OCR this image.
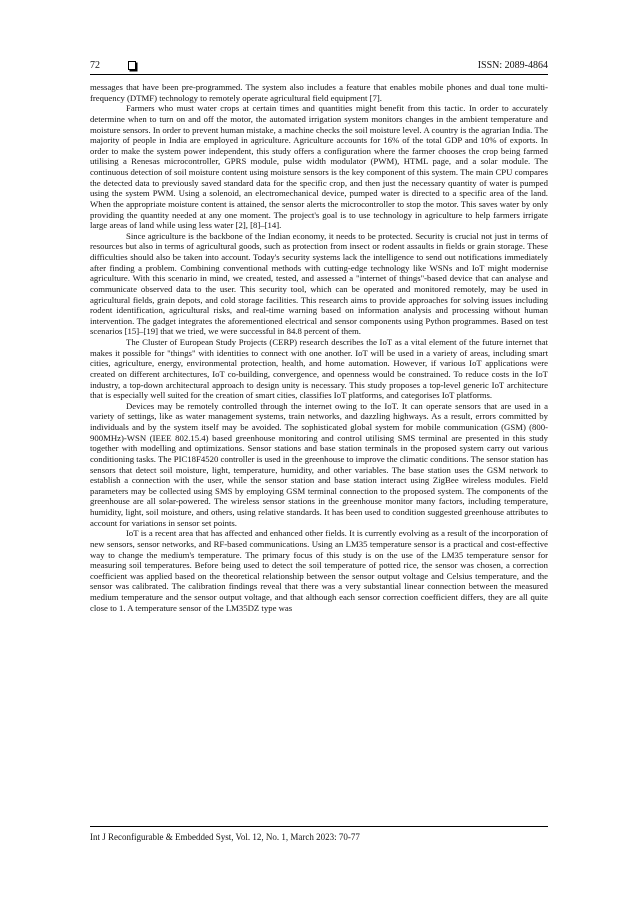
72	ISSN: 2089-4864

messages that have been pre-programmed. The system also includes a feature that enables mobile phones and dual tone multi-frequency (DTMF) technology to remotely operate agricultural field equipment [7].

Farmers who must water crops at certain times and quantities might benefit from this tactic. In order to accurately determine when to turn on and off the motor, the automated irrigation system monitors changes in the ambient temperature and moisture sensors. In order to prevent human mistake, a machine checks the soil moisture level. A country is the agrarian India. The majority of people in India are employed in agriculture. Agriculture accounts for 16% of the total GDP and 10% of exports. In order to make the system power independent, this study offers a configuration where the farmer chooses the crop being farmed utilising a Renesas microcontroller, GPRS module, pulse width modulator (PWM), HTML page, and a solar module. The continuous detection of soil moisture content using moisture sensors is the key component of this system. The main CPU compares the detected data to previously saved standard data for the specific crop, and then just the necessary quantity of water is pumped using the system PWM. Using a solenoid, an electromechanical device, pumped water is directed to a specific area of the land. When the appropriate moisture content is attained, the sensor alerts the microcontroller to stop the motor. This saves water by only providing the quantity needed at any one moment. The project's goal is to use technology in agriculture to help farmers irrigate large areas of land while using less water [2], [8]–[14].

Since agriculture is the backbone of the Indian economy, it needs to be protected. Security is crucial not just in terms of resources but also in terms of agricultural goods, such as protection from insect or rodent assaults in fields or grain storage. These difficulties should also be taken into account. Today's security systems lack the intelligence to send out notifications immediately after finding a problem. Combining conventional methods with cutting-edge technology like WSNs and IoT might modernise agriculture. With this scenario in mind, we created, tested, and assessed a "internet of things"-based device that can analyse and communicate observed data to the user. This security tool, which can be operated and monitored remotely, may be used in agricultural fields, grain depots, and cold storage facilities. This research aims to provide approaches for solving issues including rodent identification, agricultural risks, and real-time warning based on information analysis and processing without human intervention. The gadget integrates the aforementioned electrical and sensor components using Python programmes. Based on test scenarios [15]–[19] that we tried, we were successful in 84.8 percent of them.

The Cluster of European Study Projects (CERP) research describes the IoT as a vital element of the future internet that makes it possible for "things" with identities to connect with one another. IoT will be used in a variety of areas, including smart cities, agriculture, energy, environmental protection, health, and home automation. However, if various IoT applications were created on different architectures, IoT co-building, convergence, and openness would be constrained. To reduce costs in the IoT industry, a top-down architectural approach to design unity is necessary. This study proposes a top-level generic IoT architecture that is especially well suited for the creation of smart cities, classifies IoT platforms, and categorises IoT platforms.

Devices may be remotely controlled through the internet owing to the IoT. It can operate sensors that are used in a variety of settings, like as water management systems, train networks, and dazzling highways. As a result, errors committed by individuals and by the system itself may be avoided. The sophisticated global system for mobile communication (GSM) (800-900MHz)-WSN (IEEE 802.15.4) based greenhouse monitoring and control utilising SMS terminal are presented in this study together with modelling and optimizations. Sensor stations and base station terminals in the proposed system carry out various conditioning tasks. The PIC18F4520 controller is used in the greenhouse to improve the climatic conditions. The sensor station has sensors that detect soil moisture, light, temperature, humidity, and other variables. The base station uses the GSM network to establish a connection with the user, while the sensor station and base station interact using ZigBee wireless modules. Field parameters may be collected using SMS by employing GSM terminal connection to the proposed system. The components of the greenhouse are all solar-powered. The wireless sensor stations in the greenhouse monitor many factors, including temperature, humidity, light, soil moisture, and others, using relative standards. It has been used to condition suggested greenhouse attributes to account for variations in sensor set points.

IoT is a recent area that has affected and enhanced other fields. It is currently evolving as a result of the incorporation of new sensors, sensor networks, and RF-based communications. Using an LM35 temperature sensor is a practical and cost-effective way to change the medium's temperature. The primary focus of this study is on the use of the LM35 temperature sensor for measuring soil temperatures. Before being used to detect the soil temperature of potted rice, the sensor was chosen, a correction coefficient was applied based on the theoretical relationship between the sensor output voltage and Celsius temperature, and the sensor was calibrated. The calibration findings reveal that there was a very substantial linear connection between the measured medium temperature and the sensor output voltage, and that although each sensor correction coefficient differs, they are all quite close to 1. A temperature sensor of the LM35DZ type was

Int J Reconfigurable & Embedded Syst, Vol. 12, No. 1, March 2023: 70-77
